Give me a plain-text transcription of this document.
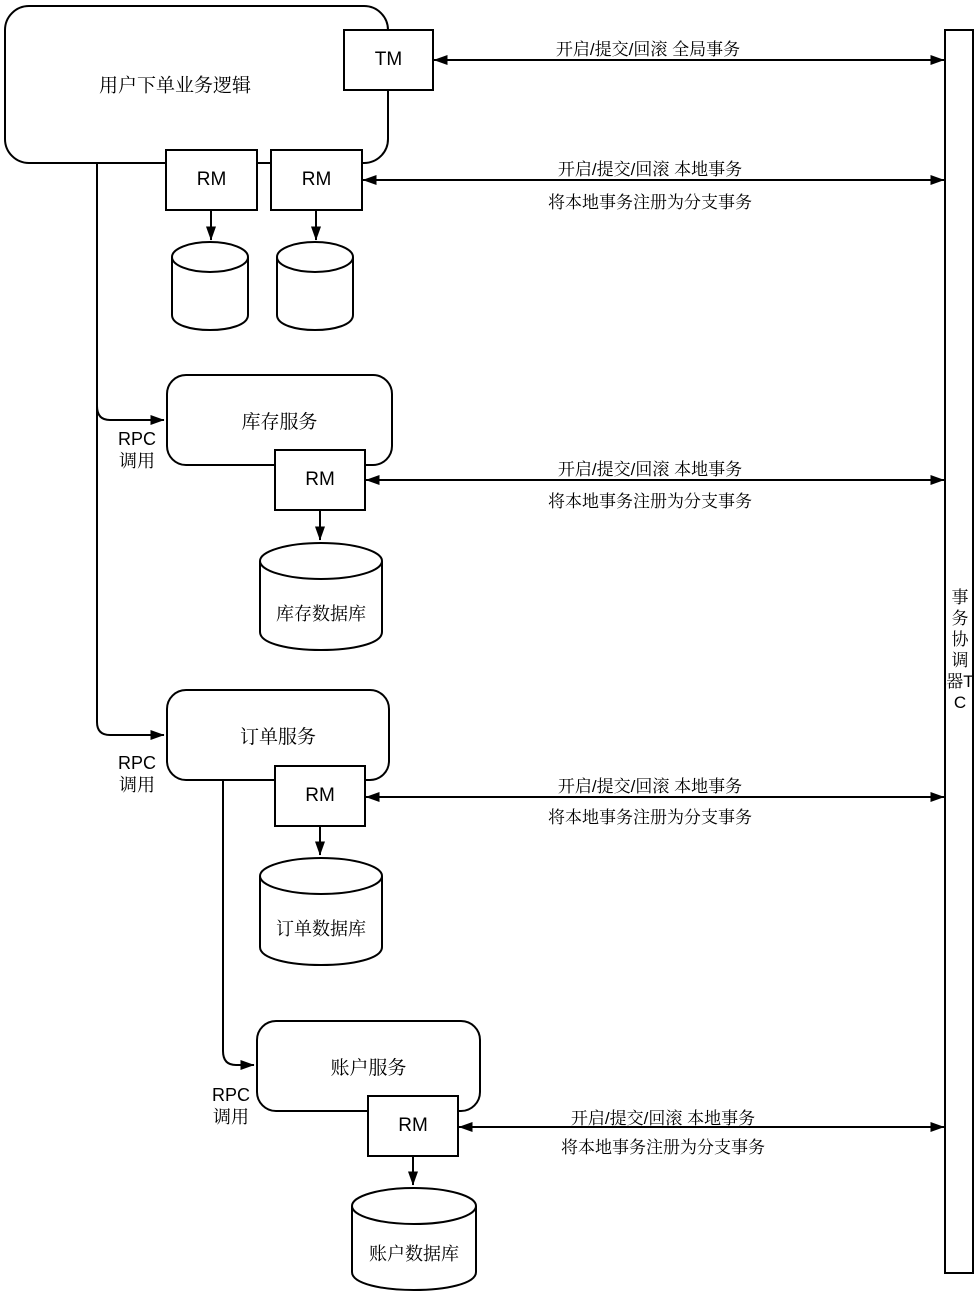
用户下单业务逻辑
TM
RM	RM
RM
RM
RM
事务协调器TC
开启/提交/回滚 全局事务
开启/提交/回滚 本地事务
将本地事务注册为分支事务
开启/提交/回滚 本地事务
将本地事务注册为分支事务
开启/提交/回滚 本地事务
将本地事务注册为分支事务
开启/提交/回滚 本地事务
将本地事务注册为分支事务
RPC
调用
RPC
调用
RPC
调用
库存服务
订单服务
账户服务
库存数据库
订单数据库
账户数据库
